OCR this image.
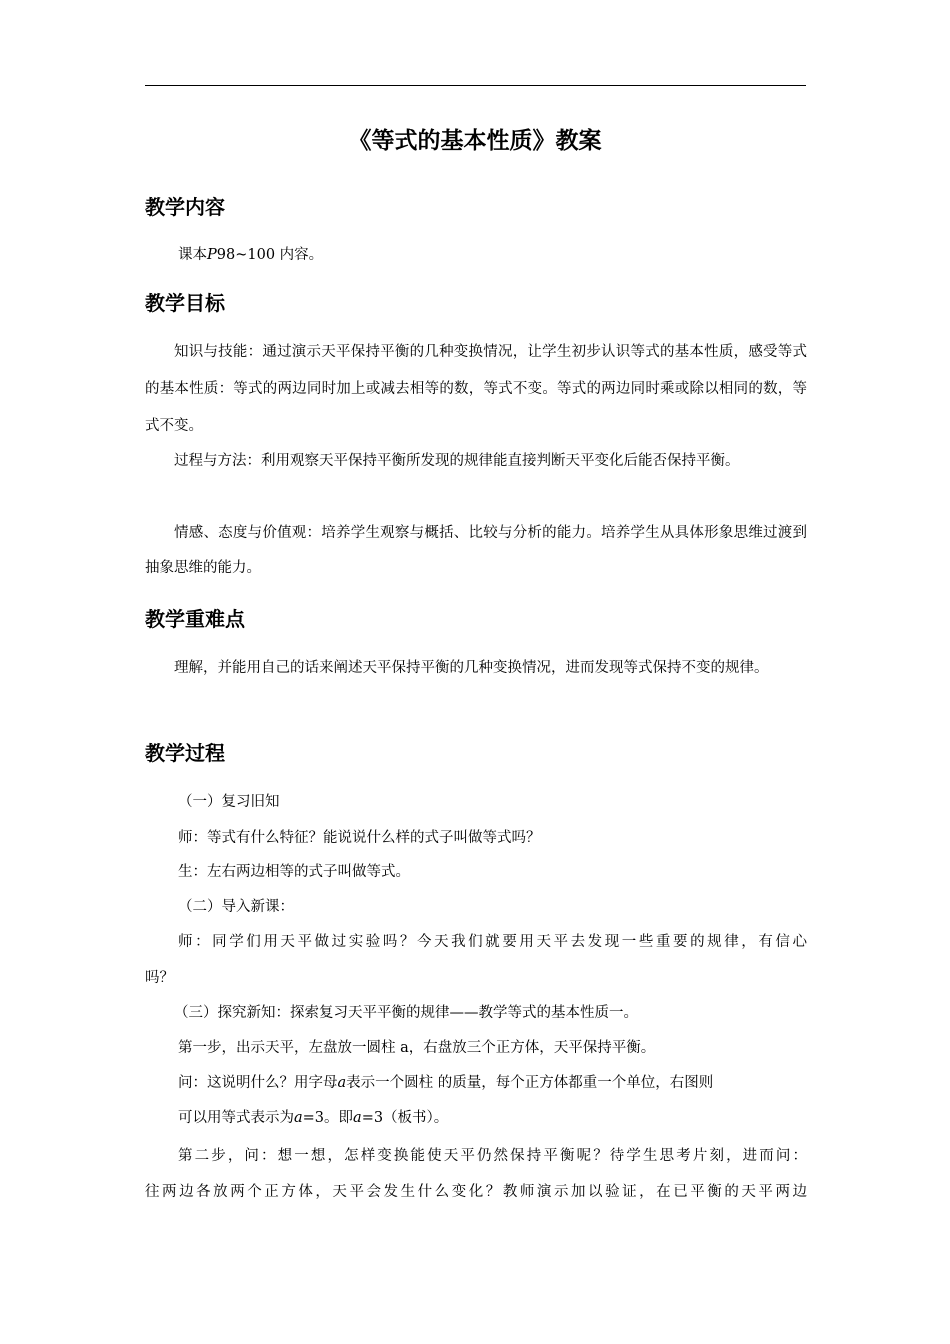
《等式的基本性质》教案
教学内容

课本P98~100 内容。

教学目标

知识与技能：通过演示天平保持平衡的几种变换情况，让学生初步认识等式的基本性质，感受等式的基本性质：等式的两边同时加上或减去相等的数，等式不变。等式的两边同时乘或除以相同的数，等式不变。

过程与方法：利用观察天平保持平衡所发现的规律能直接判断天平变化后能否保持平衡。

情感、态度与价值观：培养学生观察与概括、比较与分析的能力。培养学生从具体形象思维过渡到抽象思维的能力。

教学重难点

理解，并能用自己的话来阐述天平保持平衡的几种变换情况，进而发现等式保持不变的规律。

教学过程

（一）复习旧知

师：等式有什么特征？能说说什么样的式子叫做等式吗？

生：左右两边相等的式子叫做等式。

（二）导入新课：

师：同学们用天平做过实验吗？今天我们就要用天平去发现一些重要的规律，有信心

吗？

（三）探究新知：探索复习天平平衡的规律——教学等式的基本性质一。

第一步，出示天平，左盘放一圆柱 a，右盘放三个正方体，天平保持平衡。

问：这说明什么？用字母a表示一个圆柱 的质量，每个正方体都重一个单位，右图则

可以用等式表示为a=3。即a=3（板书）。

第二步，问：想一想，怎样变换能使天平仍然保持平衡呢？待学生思考片刻，进而问：

往两边各放两个正方体，天平会发生什么变化？教师演示加以验证，在已平衡的天平两边
